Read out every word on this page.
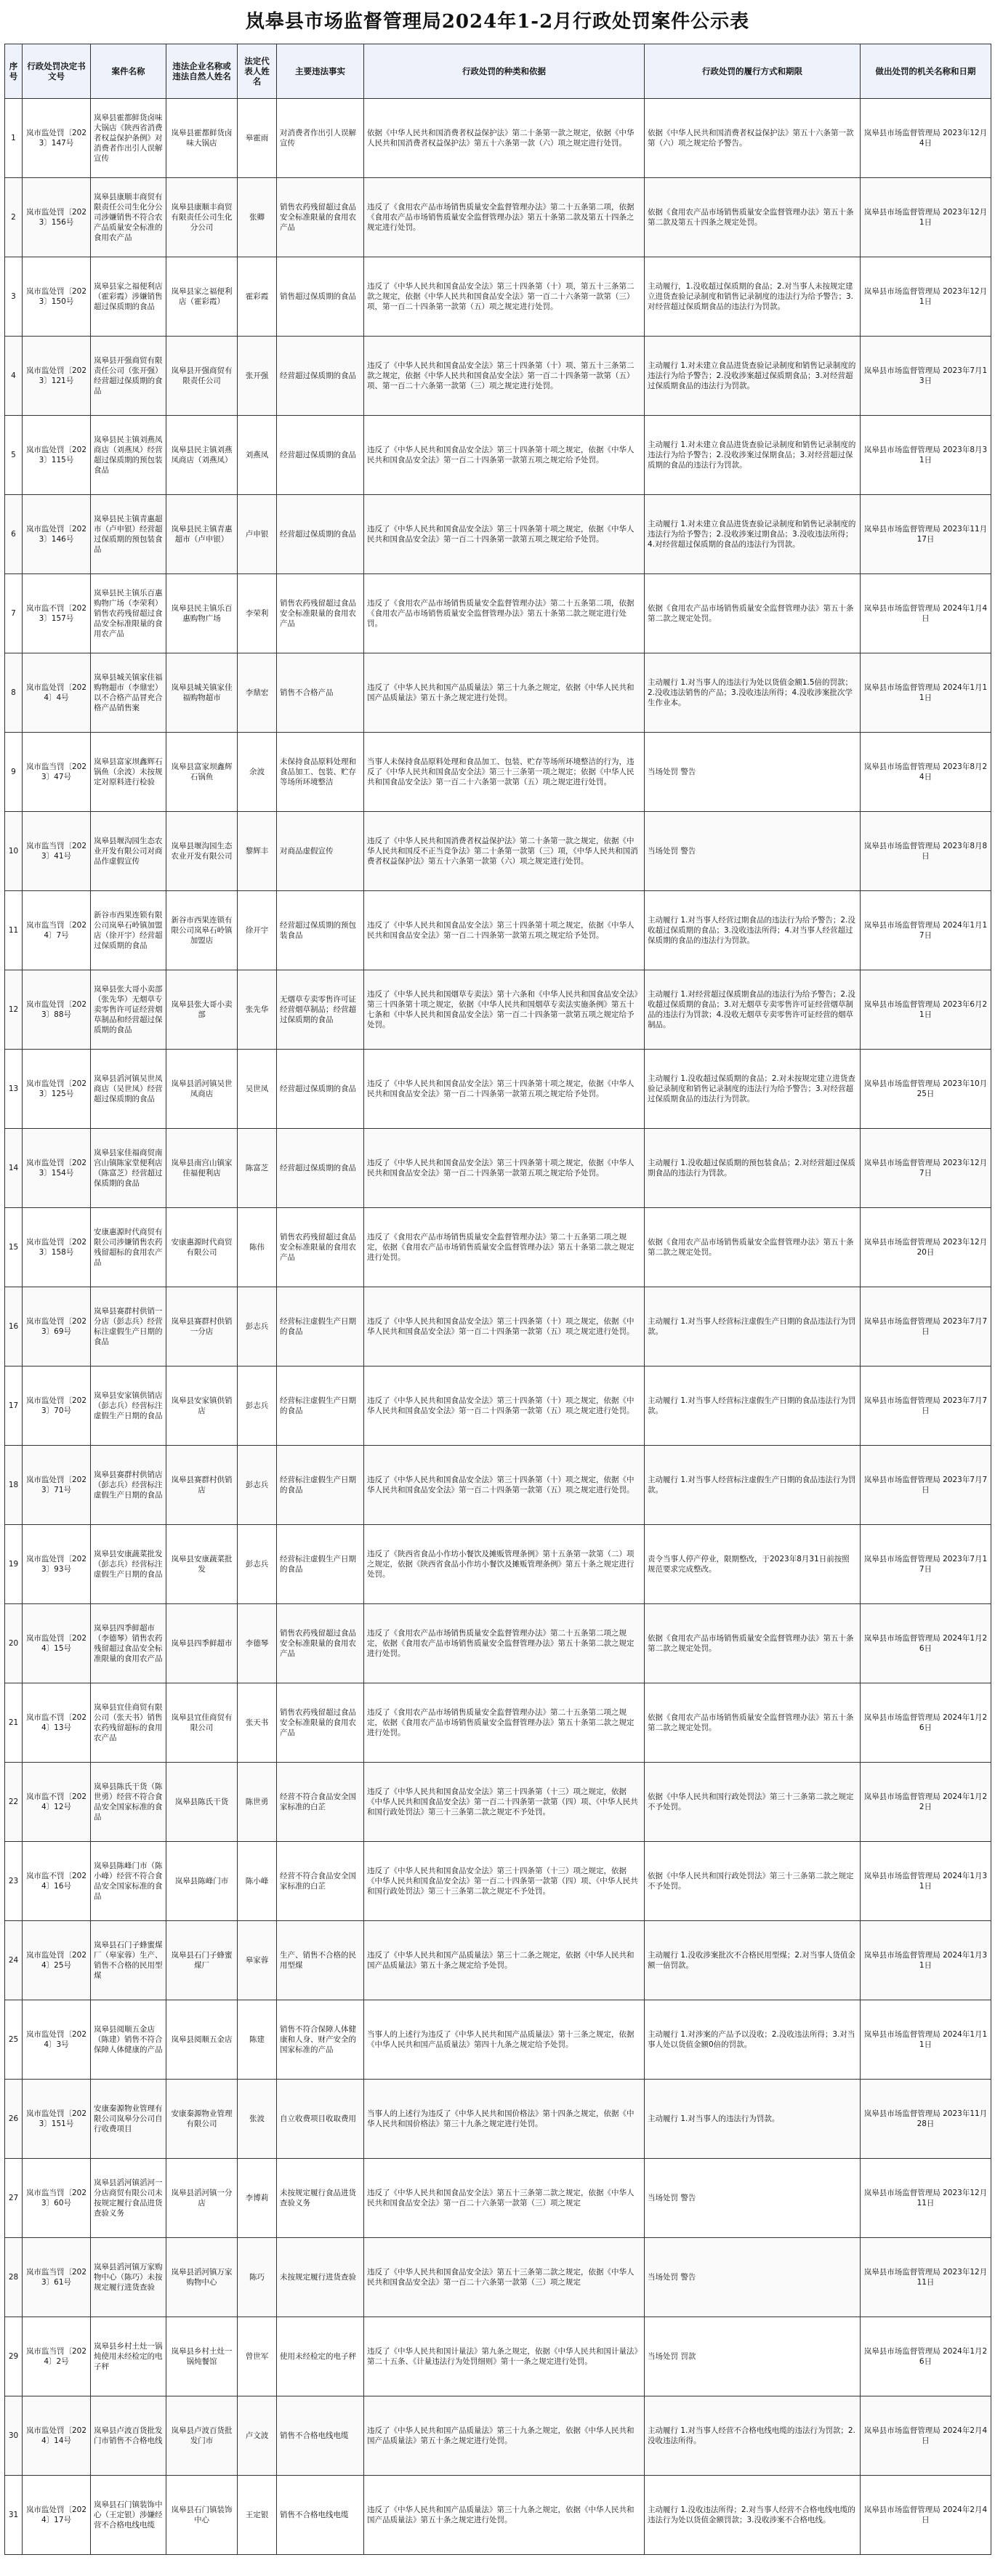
岚皋县市场监督管理局2024年1-2月行政处罚案件公示表
序号	行政处罚决定书文号	案件名称	违法企业名称或违法自然人姓名	法定代表人姓名	主要违法事实	行政处罚的种类和依据	行政处罚的履行方式和期限	做出处罚的机关名称和日期
1	岚市监处罚〔2023〕147号	岚皋县霍都鲜货卤味大锅店《陕西省消费者权益保护条例》对消费者作出引人误解宣传	岚皋县霍都鲜货卤味大锅店	皋霍雨	对消费者作出引人误解宣传	依据《中华人民共和国消费者权益保护法》第二十条第一款之规定，依据《中华人民共和国消费者权益保护法》第五十六条第一款（六）项之规定进行处罚。	依据《中华人民共和国消费者权益保护法》第五十六条第一款第（六）项之规定给予警告。	岚皋县市场监督管理局 2023年12月4日
2	岚市监处罚〔2023〕156号	岚皋县康顺丰商贸有限责任公司生化分公司涉嫌销售不符合农产品质量安全标准的食用农产品	岚皋县康顺丰商贸有限责任公司生化分公司	张卿	销售农药残留超过食品安全标准限量的食用农产品	违反了《食用农产品市场销售质量安全监督管理办法》第二十五条第二项，依据《食用农产品市场销售质量安全监督管理办法》第五十条第二款及第五十四条之规定进行处罚。	依据《食用农产品市场销售质量安全监督管理办法》第五十条第二款及第五十四条之规定处罚。	岚皋县市场监督管理局 2023年12月1日
3	岚市监处罚〔2023〕150号	岚皋县家之福便利店（霍彩霞）涉嫌销售超过保质期的食品	岚皋县家之福便利店（霍彩霞）	霍彩霞	销售超过保质期的食品	违反了《中华人民共和国食品安全法》第三十四条第（十）项，第五十三条第二款之规定，依据《中华人民共和国食品安全法》第一百二十六条第一款第（三）项，第一百二十四条第一款第（五）项之规定进行处罚。	主动履行，1.没收超过保质期的食品；2.对当事人未按规定建立进货查验记录制度和销售记录制度的违法行为给予警告；3.对经营超过保质期食品的违法行为罚款。	岚皋县市场监督管理局 2023年12月1日
4	岚市监处罚〔2023〕121号	岚皋县开强商贸有限责任公司（张开强）经营超过保质期的食品	岚皋县开强商贸有限责任公司	张开强	经营超过保质期的食品	违反了《中华人民共和国食品安全法》第三十四条第（十）项、第五十三条第二款之规定，依据《中华人民共和国食品安全法》第一百二十四条第一款第（五）项、第一百二十六条第一款第（三）项之规定进行处罚。	主动履行 1.对未建立食品进货查验记录制度和销售记录制度的违法行为给予警告；2.没收涉案超过保质期食品；3.对经营超过保质期食品的违法行为罚款。	岚皋县市场监督管理局 2023年7月13日
5	岚市监处罚〔2023〕115号	岚皋县民主镇刘燕凤商店（刘燕凤）经营超过保质期的预包装食品	岚皋县民主镇刘燕凤商店（刘燕凤）	刘燕凤	经营超过保质期的食品	违反了《中华人民共和国食品安全法》第三十四条第十项之规定，依据《中华人民共和国食品安全法》第一百二十四条第一款第五项之规定给予处罚。	主动履行 1.对未建立食品进货查验记录制度和销售记录制度的违法行为给予警告；2.没收涉案过保期食品；3.对经营超过保质期的食品的违法行为罚款。	岚皋县市场监督管理局 2023年8月31日
6	岚市监处罚〔2023〕146号	岚皋县民主镇青惠超市（卢申银）经营超过保质期的预包装食品	岚皋县民主镇青惠超市（卢申银）	卢申银	经营超过保质期的食品	违反了《中华人民共和国食品安全法》第三十四条第十项之规定，依据《中华人民共和国食品安全法》第一百二十四条第一款第五项之规定给予处罚。	主动履行 1.对未建立食品进货查验记录制度和销售记录制度的违法行为给予警告；2.没收涉案过期食品；3.没收违法所得；4.对经营超过保质期的食品的违法行为罚款。	岚皋县市场监督管理局 2023年11月17日
7	岚市监不罚〔2023〕157号	岚皋县民主镇乐百惠购物广场（李荣利）销售农药残留超过食品安全标准限量的食用农产品	岚皋县民主镇乐百惠购物广场	李荣利	销售农药残留超过食品安全标准限量的食用农产品	违反了《食用农产品市场销售质量安全监督管理办法》第二十五条第二项，依据《食用农产品市场销售质量安全监督管理办法》第五十条第二款之规定进行处罚。	依据《食用农产品市场销售质量安全监督管理办法》第五十条第二款之规定处罚。	岚皋县市场监督管理局 2024年1月4日
8	岚市监处罚〔2024〕4号	岚皋县城关镇家佳福购物超市（李鼎宏）以不合格产品冒充合格产品销售案	岚皋县城关镇家佳福购物超市	李鼎宏	销售不合格产品	违反了《中华人民共和国产品质量法》第三十九条之规定，依据《中华人民共和国产品质量法》第五十条之规定进行处罚。	主动履行 1.对当事人的违法行为处以货值金额1.5倍的罚款；2.没收违法销售的产品；3.没收违法所得；4.没收涉案批次学生作业本。	岚皋县市场监督管理局 2024年1月11日
9	岚市监当罚〔2023〕47号	岚皋县富家坝鑫辉石锅鱼（余波）未按规定对原料进行检验	岚皋县富家坝鑫辉石锅鱼	余波	未保持食品原料处理和食品加工、包装、贮存等场所环境整洁	当事人未保持食品原料处理和食品加工、包装、贮存等场所环境整洁的行为，违反了《中华人民共和国食品安全法》第三十三条第一项之规定；依据《中华人民共和国食品安全法》第一百二十六条第一款第（五）项之规定进行处罚。	当场处罚 警告	岚皋县市场监督管理局 2023年8月24日
10	岚市监当罚〔2023〕41号	岚皋县堰沟园生态农业开发有限公司对商品作虚假宣传	岚皋县堰沟园生态农业开发有限公司	黎辉丰	对商品虚假宣传	违反了《中华人民共和国消费者权益保护法》第二十条第一款之规定，依据《中华人民共和国反不正当竞争法》第二十条第一款第（三）项，《中华人民共和国消费者权益保护法》第五十六条第一款第（六）项之规定进行处罚。	当场处罚 警告	岚皋县市场监督管理局 2023年8月8日
11	岚市监当罚〔2024〕7号	新谷市西果连锁有限公司岚皋石岭镇加盟店（徐开宇）经营超过保质期的食品	新谷市西果连锁有限公司岚皋石岭镇加盟店	徐开宇	经营超过保质期的预包装食品	违反了《中华人民共和国食品安全法》第三十四条第十项之规定，依据《中华人民共和国食品安全法》第一百二十四条第一款第五项之规定给予处罚。	主动履行 1.对当事人经营过期食品的违法行为给予警告；2.没收超过保质期的食品；3.没收违法所得；4.对当事人经营超过保质期的食品的违法行为罚款。	岚皋县市场监督管理局 2024年1月17日
12	岚市监处罚〔2023〕88号	岚皋县张大哥小卖部（张先华）无烟草专卖零售许可证经营烟草制品和经营超过保质期的食品	岚皋县张大哥小卖部	张先华	无烟草专卖零售许可证经营烟草制品；经营超过保质期的食品	违反了《中华人民共和国烟草专卖法》第十六条和《中华人民共和国食品安全法》第三十四条第十项之规定，依据《中华人民共和国烟草专卖法实施条例》第五十七条和《中华人民共和国食品安全法》第一百二十四条第一款第五项之规定给予处罚。	主动履行 1.对经营超过保质期食品的违法行为给予警告；2.没收超过保质期的食品；3.对无烟草专卖零售许可证经营烟草制品的违法行为罚款；4.没收无烟草专卖零售许可证经营的烟草制品。	岚皋县市场监督管理局 2023年6月21日
13	岚市监处罚〔2023〕125号	岚皋县滔河镇吴世凤商店（吴世凤）经营超过保质期的食品	岚皋县滔河镇吴世凤商店	吴世凤	经营超过保质期的食品	违反了《中华人民共和国食品安全法》第三十四条第十项之规定，依据《中华人民共和国食品安全法》第一百二十四条第一款第五项之规定给予处罚。	主动履行 1.没收超过保质期的食品；2.对未按规定建立进货查验记录制度和销售记录制度的违法行为给予警告；3.对经营超过保质期食品的违法行为罚款。	岚皋县市场监督管理局 2023年10月25日
14	岚市监处罚〔2023〕154号	岚皋县家佳福商贸南宫山镇陈家堂便利店（陈富芝）经营超过保质期的食品	岚皋县南宫山镇家佳福便利店	陈富芝	经营超过保质期的食品	违反了《中华人民共和国食品安全法》第三十四条第十项之规定，依据《中华人民共和国食品安全法》第一百二十四条第一款第五项之规定给予处罚。	主动履行 1.没收超过保质期的预包装食品；2.对经营超过保质期食品的违法行为罚款。	岚皋县市场监督管理局 2023年12月7日
15	岚市监处罚〔2023〕158号	安康惠源时代商贸有限公司涉嫌销售农药残留超标的食用农产品	安康惠源时代商贸有限公司	陈伟	销售农药残留超过食品安全标准限量的食用农产品	违反了《食用农产品市场销售质量安全监督管理办法》第二十五条第二项之规定，依据《食用农产品市场销售质量安全监督管理办法》第五十条第二款之规定进行处罚。	依据《食用农产品市场销售质量安全监督管理办法》第五十条第二款之规定处罚。	岚皋县市场监督管理局 2023年12月20日
16	岚市监处罚〔2023〕69号	岚皋县赛群村供销一分店（彭志兵）经营标注虚假生产日期的食品	岚皋县赛群村供销一分店	彭志兵	经营标注虚假生产日期的食品	违反了《中华人民共和国食品安全法》第三十四条第（十）项之规定，依据《中华人民共和国食品安全法》第一百二十四条第一款第（五）项之规定进行处罚。	主动履行 1.对当事人经营标注虚假生产日期的食品违法行为罚款。	岚皋县市场监督管理局 2023年7月7日
17	岚市监处罚〔2023〕70号	岚皋县安家镇供销店（彭志兵）经营标注虚假生产日期的食品	岚皋县安家镇供销店	彭志兵	经营标注虚假生产日期的食品	违反了《中华人民共和国食品安全法》第三十四条第（十）项之规定，依据《中华人民共和国食品安全法》第一百二十四条第一款第（五）项之规定进行处罚。	主动履行 1.对当事人经营标注虚假生产日期的食品违法行为罚款。	岚皋县市场监督管理局 2023年7月7日
18	岚市监处罚〔2023〕71号	岚皋县赛群村供销店（彭志兵）经营标注虚假生产日期的食品	岚皋县赛群村供销店	彭志兵	经营标注虚假生产日期的食品	违反了《中华人民共和国食品安全法》第三十四条第（十）项之规定，依据《中华人民共和国食品安全法》第一百二十四条第一款第（五）项之规定进行处罚。	主动履行 1.对当事人经营标注虚假生产日期的食品违法行为罚款。	岚皋县市场监督管理局 2023年7月7日
19	岚市监处罚〔2023〕93号	岚皋县安康蔬菜批发（彭志兵）经营标注虚假生产日期的食品	岚皋县安康蔬菜批发	彭志兵	经营标注虚假生产日期的食品	违反了《陕西省食品小作坊小餐饮及摊贩管理条例》第十五条第一款第（二）项之规定，依据《陕西省食品小作坊小餐饮及摊贩管理条例》第五十条之规定进行处罚。	责令当事人停产停业，限期整改，于2023年8月31日前按照规范要求完成整改。	岚皋县市场监督管理局 2023年7月17日
20	岚市监处罚〔2024〕15号	岚皋县四季鲜超市（李德琴）销售农药残留超过食品安全标准限量的食用农产品	岚皋县四季鲜超市	李德琴	销售农药残留超过食品安全标准限量的食用农产品	违反了《食用农产品市场销售质量安全监督管理办法》第二十五条第二项之规定，依据《食用农产品市场销售质量安全监督管理办法》第五十条第二款之规定进行处罚。	依据《食用农产品市场销售质量安全监督管理办法》第五十条第二款之规定处罚。	岚皋县市场监督管理局 2024年1月26日
21	岚市监不罚〔2024〕13号	岚皋县宜佳商贸有限公司（张天书）销售农药残留超标的食用农产品	岚皋县宜佳商贸有限公司	张天书	销售农药残留超过食品安全标准限量的食用农产品	违反了《食用农产品市场销售质量安全监督管理办法》第二十五条第二项之规定，依据《食用农产品市场销售质量安全监督管理办法》第五十条第二款之规定进行处罚。	依据《食用农产品市场销售质量安全监督管理办法》第五十条第二款之规定处罚。	岚皋县市场监督管理局 2024年1月26日
22	岚市监不罚〔2024〕12号	岚皋县陈氏干货（陈世勇）经营不符合食品安全国家标准的食品	岚皋县陈氏干货	陈世勇	经营不符合食品安全国家标准的白芷	违反了《中华人民共和国食品安全法》第三十四条第（十三）项之规定，依据《中华人民共和国食品安全法》第一百二十四条第一款第（四）项、《中华人民共和国行政处罚法》第三十三条第二款之规定不予处罚。	依据《中华人民共和国行政处罚法》第三十三条第二款之规定不予处罚。	岚皋县市场监督管理局 2024年1月22日
23	岚市监不罚〔2024〕16号	岚皋县陈峰门市（陈小峰）经营不符合食品安全国家标准的食品	岚皋县陈峰门市	陈小峰	经营不符合食品安全国家标准的白芷	违反了《中华人民共和国食品安全法》第三十四条第（十三）项之规定，依据《中华人民共和国食品安全法》第一百二十四条第一款第（四）项、《中华人民共和国行政处罚法》第三十三条第二款之规定不予处罚。	依据《中华人民共和国行政处罚法》第三十三条第二款之规定不予处罚。	岚皋县市场监督管理局 2024年1月31日
24	岚市监处罚〔2024〕25号	岚皋县石门子蜂蜜煤厂（皋家蓉）生产、销售不合格的民用型煤	岚皋县石门子蜂蜜煤厂	皋家蓉	生产、销售不合格的民用型煤	违反了《中华人民共和国产品质量法》第三十二条之规定，依据《中华人民共和国产品质量法》第五十条之规定给予处罚。	主动履行 1.没收涉案批次不合格民用型煤；2.对当事人货值金额一倍罚款。	岚皋县市场监督管理局 2024年1月31日
25	岚市监处罚〔2024〕3号	岚皋县阅顺五金店（陈建）销售不符合保障人体健康的产品	岚皋县阅顺五金店	陈建	销售不符合保障人体健康和人身、财产安全的国家标准的产品	当事人的上述行为违反了《中华人民共和国产品质量法》第十三条之规定，依据《中华人民共和国产品质量法》第四十九条之规定给予处罚。	主动履行 1.对涉案的产品予以没收；2.没收违法所得；3.对当事人处以货值金额0倍的罚款。	岚皋县市场监督管理局 2024年1月11日
26	岚市监处罚〔2023〕151号	安康秦源物业管理有限公司岚皋分公司自行收费项目	安康秦源物业管理有限公司	张波	自立收费项目收取费用	当事人的上述行为违反了《中华人民共和国价格法》第十四条之规定，依据《中华人民共和国价格法》第三十九条之规定进行处罚。	主动履行 1.对当事人的违法行为罚款。	岚皋县市场监督管理局 2023年11月28日
27	岚市监当罚〔2023〕60号	岚皋县滔河镇滔河一分店商贸有限公司未按规定履行食品进货查验义务	岚皋县滔河镇一分店	李博莉	未按规定履行食品进货查验义务	违反了《中华人民共和国食品安全法》第五十三条第二款之规定，依据《中华人民共和国食品安全法》第一百二十六条第一款第（三）项之规定	当场处罚 警告	岚皋县市场监督管理局 2023年12月11日
28	岚市监当罚〔2023〕61号	岚皋县滔河镇万家购物中心（陈巧）未按规定履行进货查验	岚皋县滔河镇万家购物中心	陈巧	未按规定履行进货查验	违反了《中华人民共和国食品安全法》第五十三条第二款之规定，依据《中华人民共和国食品安全法》第一百二十六条第一款第（三）项之规定	当场处罚 警告	岚皋县市场监督管理局 2023年12月11日
29	岚市监当罚〔2024〕2号	岚皋县乡村土灶一锅炖使用未经检定的电子秤	岚皋县乡村土灶一锅炖餐馆	曾世军	使用未经检定的电子秤	违反了《中华人民共和国计量法》第九条之规定，依据《中华人民共和国计量法》第二十五条、《计量违法行为处罚细则》第十一条之规定进行处罚。	当场处罚 罚款	岚皋县市场监督管理局 2024年1月26日
30	岚市监处罚〔2024〕14号	岚皋县卢波百货批发门市销售不合格电线	岚皋县卢波百货批发门市	卢文波	销售不合格电线电缆	违反了《中华人民共和国产品质量法》第三十九条之规定，依据《中华人民共和国产品质量法》第五十条之规定进行处罚。	主动履行 1.对当事人经营不合格电线电缆的违法行为罚款；2.没收违法所得。	岚皋县市场监督管理局 2024年2月4日
31	岚市监处罚〔2024〕17号	岚皋县石门镇装饰中心（王定银）涉嫌经营不合格电线电缆	岚皋县石门镇装饰中心	王定银	销售不合格电线电缆	违反了《中华人民共和国产品质量法》第三十九条之规定，依据《中华人民共和国产品质量法》第五十条之规定进行处罚。	主动履行 1.没收违法所得；2.对当事人经营不合格电线电缆的违法行为处以货值金额罚款；3.没收涉案不合格电线。	岚皋县市场监督管理局 2024年2月4日
